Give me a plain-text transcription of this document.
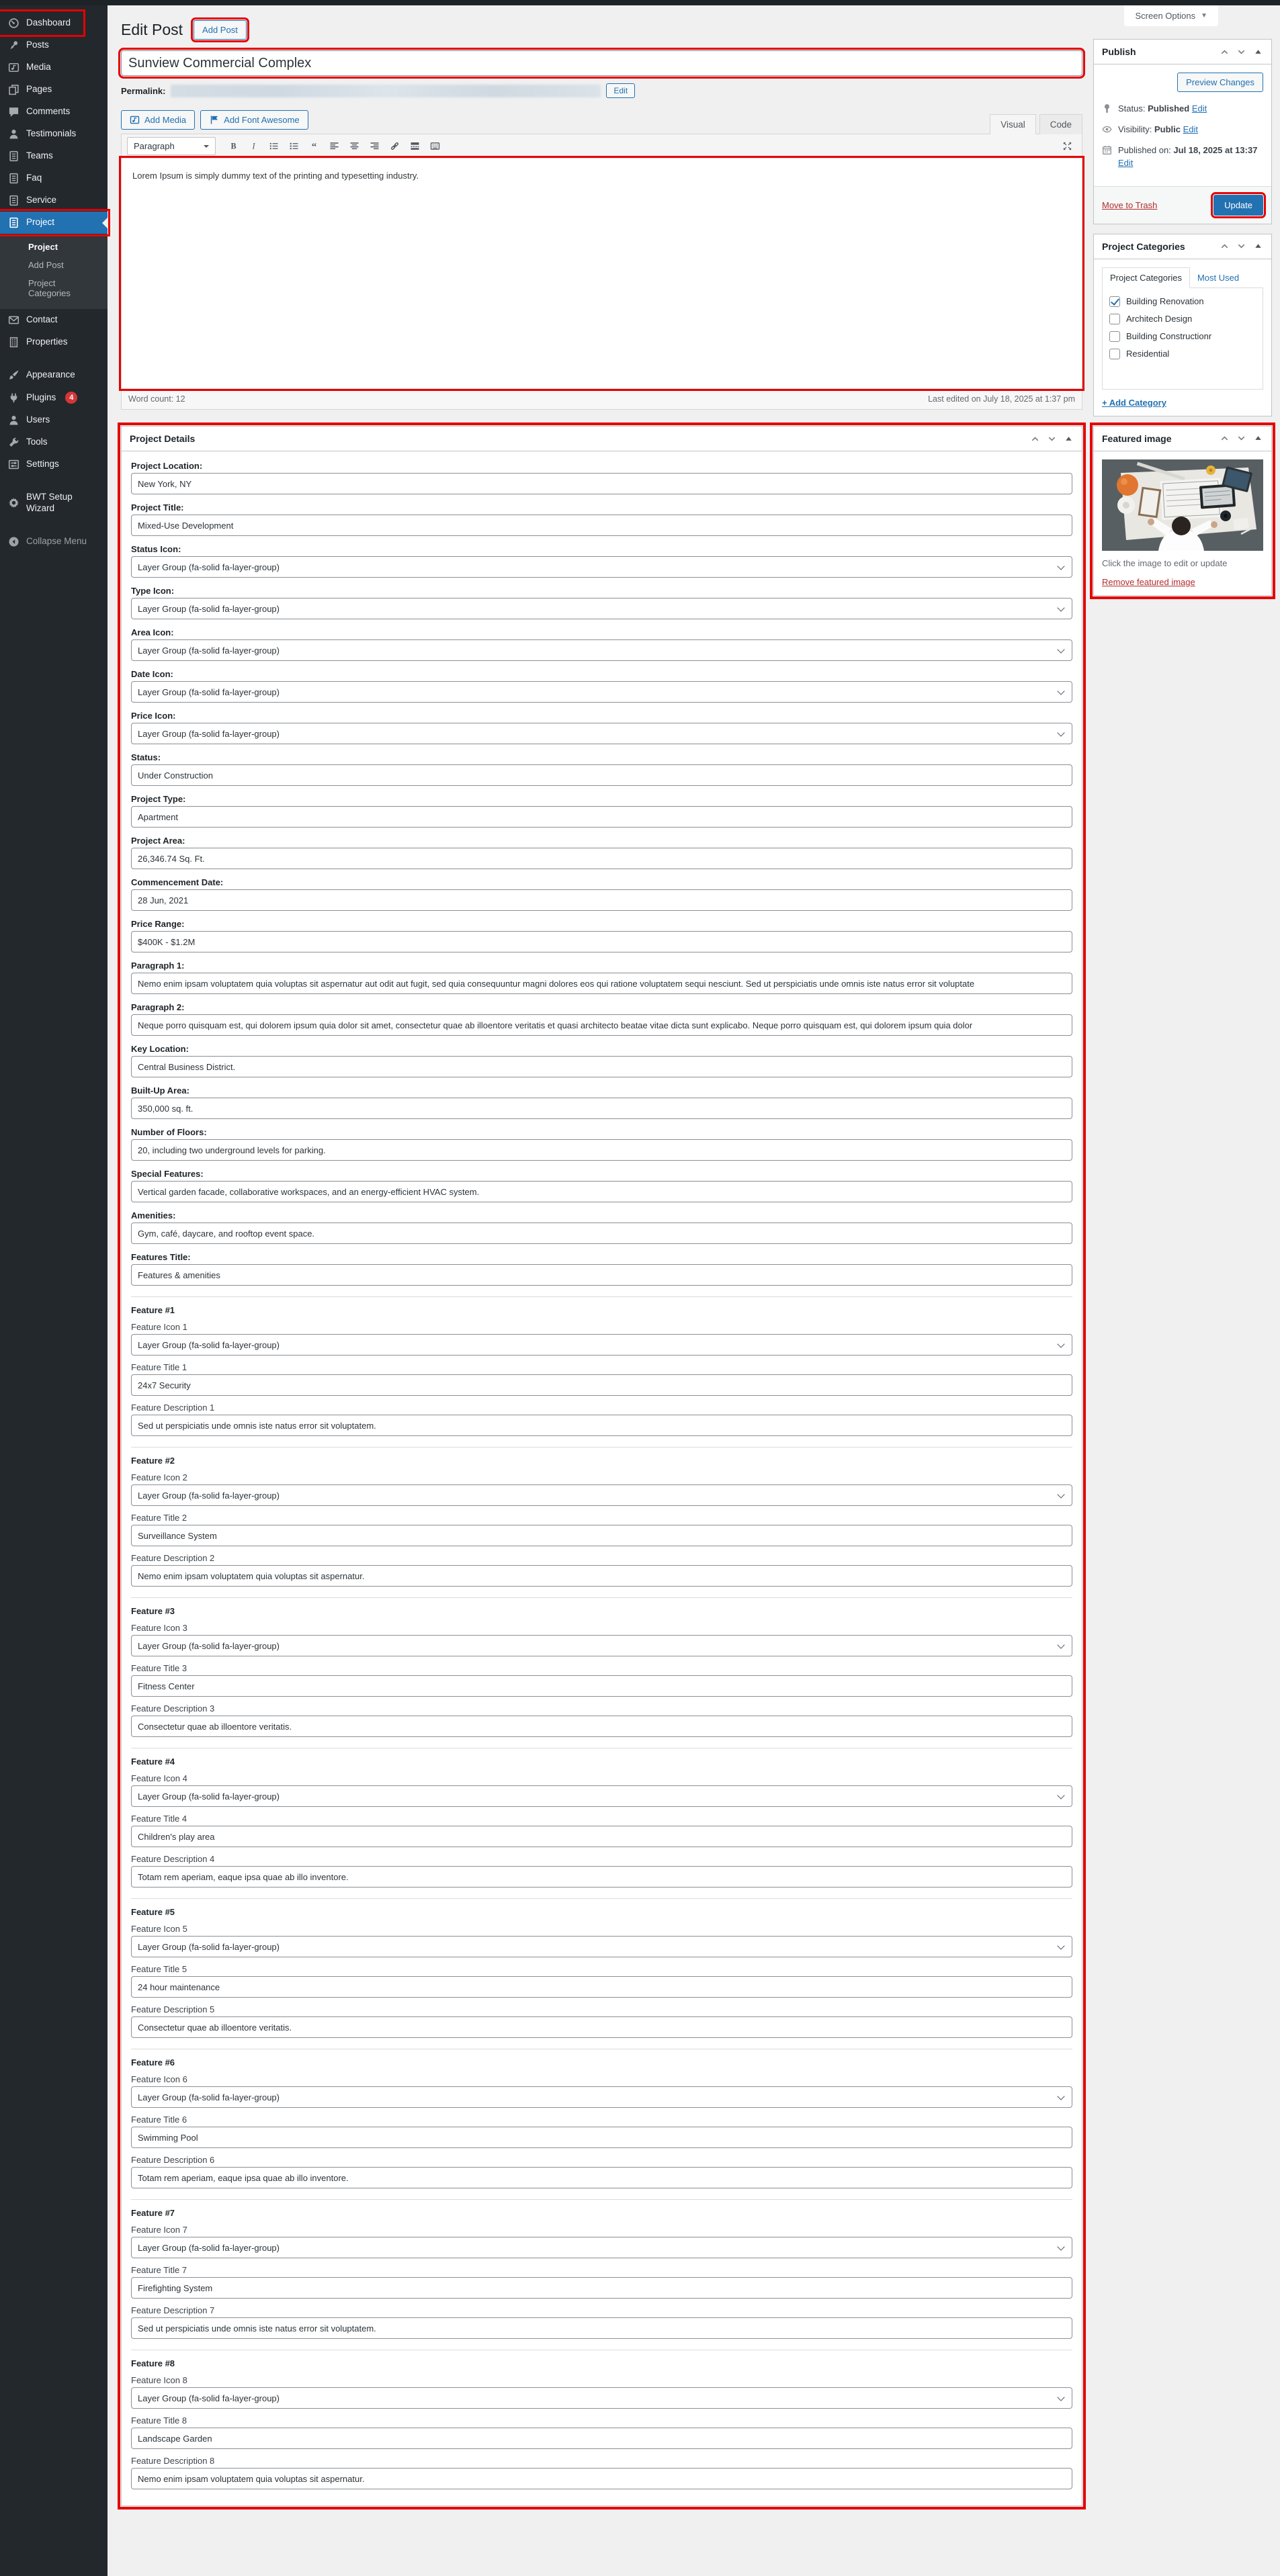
Screen Options ▼
Dashboard
Posts
Media
Pages
Comments
Testimonials
Teams
Faq
Service
Project
Project
Add Post
Project Categories
Contact
Properties
Appearance
Plugins	4
Users
Tools
Settings
BWT Setup Wizard
Collapse Menu
Edit Post	Add Post
Sunview Commercial Complex
Permalink:	Edit
Add Media	Add Font Awesome	Visual	Code
Paragraph	B I	“

Lorem Ipsum is simply dummy text of the printing and typesetting industry.

Word count: 12	Last edited on July 18, 2025 at 1:37 pm
Project Details
Project Location:
New York, NY
Project Title:
Mixed-Use Development
Status Icon:
Layer Group (fa-solid fa-layer-group)
Type Icon:
Layer Group (fa-solid fa-layer-group)
Area Icon:
Layer Group (fa-solid fa-layer-group)
Date Icon:
Layer Group (fa-solid fa-layer-group)
Price Icon:
Layer Group (fa-solid fa-layer-group)
Status:
Under Construction
Project Type:
Apartment
Project Area:
26,346.74 Sq. Ft.
Commencement Date:
28 Jun, 2021
Price Range:
$400K - $1.2M
Paragraph 1:
Nemo enim ipsam voluptatem quia voluptas sit aspernatur aut odit aut fugit, sed quia consequuntur magni dolores eos qui ratione voluptatem sequi nesciunt. Sed ut perspiciatis unde omnis iste natus error sit voluptate
Paragraph 2:
Neque porro quisquam est, qui dolorem ipsum quia dolor sit amet, consectetur quae ab illoentore veritatis et quasi architecto beatae vitae dicta sunt explicabo. Neque porro quisquam est, qui dolorem ipsum quia dolor
Key Location:
Central Business District.
Built-Up Area:
350,000 sq. ft.
Number of Floors:
20, including two underground levels for parking.
Special Features:
Vertical garden facade, collaborative workspaces, and an energy-efficient HVAC system.
Amenities:
Gym, café, daycare, and rooftop event space.
Features Title:
Features & amenities
Feature #1
Feature Icon 1
Layer Group (fa-solid fa-layer-group)
Feature Title 1
24x7 Security
Feature Description 1
Sed ut perspiciatis unde omnis iste natus error sit voluptatem.
Feature #2
Feature Icon 2
Layer Group (fa-solid fa-layer-group)
Feature Title 2
Surveillance System
Feature Description 2
Nemo enim ipsam voluptatem quia voluptas sit aspernatur.
Feature #3
Feature Icon 3
Layer Group (fa-solid fa-layer-group)
Feature Title 3
Fitness Center
Feature Description 3
Consectetur quae ab illoentore veritatis.
Feature #4
Feature Icon 4
Layer Group (fa-solid fa-layer-group)
Feature Title 4
Children's play area
Feature Description 4
Totam rem aperiam, eaque ipsa quae ab illo inventore.
Feature #5
Feature Icon 5
Layer Group (fa-solid fa-layer-group)
Feature Title 5
24 hour maintenance
Feature Description 5
Consectetur quae ab illoentore veritatis.
Feature #6
Feature Icon 6
Layer Group (fa-solid fa-layer-group)
Feature Title 6
Swimming Pool
Feature Description 6
Totam rem aperiam, eaque ipsa quae ab illo inventore.
Feature #7
Feature Icon 7
Layer Group (fa-solid fa-layer-group)
Feature Title 7
Firefighting System
Feature Description 7
Sed ut perspiciatis unde omnis iste natus error sit voluptatem.
Feature #8
Feature Icon 8
Layer Group (fa-solid fa-layer-group)
Feature Title 8
Landscape Garden
Feature Description 8
Nemo enim ipsam voluptatem quia voluptas sit aspernatur.
Publish
Preview Changes
Status: Published Edit
Visibility: Public Edit
Published on: Jul 18, 2025 at 13:37 Edit
Move to Trash	Update
Project Categories
Project Categories	Most Used
Building Renovation
Architech Design
Building Constructionr
Residential
+ Add Category
Featured image
Click the image to edit or update
Remove featured image
